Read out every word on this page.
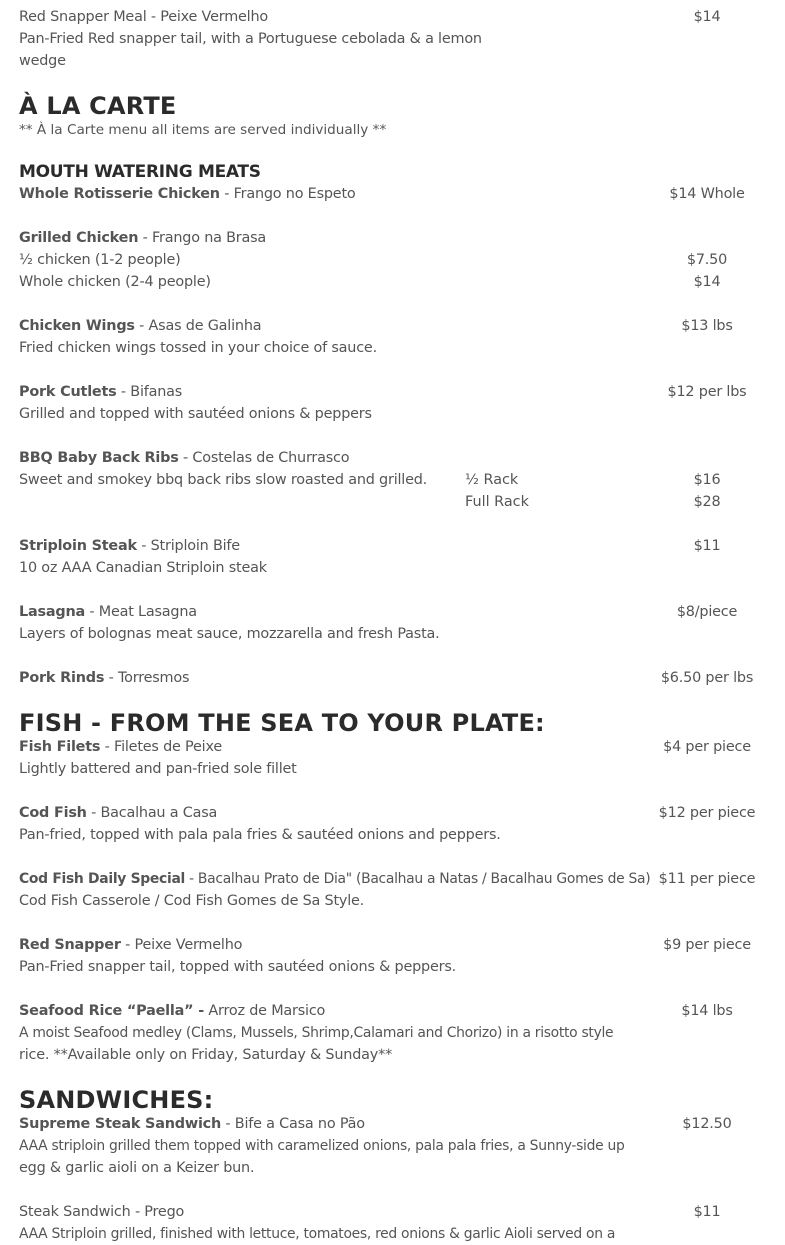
Red Snapper Meal - Peixe Vermelho	$14
Pan-Fried Red snapper tail, with a Portuguese cebolada & a lemon
wedge
À LA CARTE
** À la Carte menu all items are served individually **
MOUTH WATERING MEATS
Whole Rotisserie Chicken - Frango no Espeto	$14 Whole
Grilled Chicken - Frango na Brasa
½ chicken (1-2 people)	$7.50
Whole chicken (2-4 people)	$14
Chicken Wings - Asas de Galinha	$13 lbs
Fried chicken wings tossed in your choice of sauce.
Pork Cutlets - Bifanas	$12 per lbs
Grilled and topped with sautéed onions & peppers
BBQ Baby Back Ribs - Costelas de Churrasco
Sweet and smokey bbq back ribs slow roasted and grilled.	½ Rack	$16
Full Rack	$28
Striploin Steak - Striploin Bife	$11
10 oz AAA Canadian Striploin steak
Lasagna - Meat Lasagna	$8/piece
Layers of bolognas meat sauce, mozzarella and fresh Pasta.
Pork Rinds - Torresmos	$6.50 per lbs
FISH - FROM THE SEA TO YOUR PLATE:
Fish Filets - Filetes de Peixe	$4 per piece
Lightly battered and pan-fried sole fillet
Cod Fish - Bacalhau a Casa	$12 per piece
Pan-fried, topped with pala pala fries & sautéed onions and peppers.
Cod Fish Daily Special - Bacalhau Prato de Dia" (Bacalhau a Natas / Bacalhau Gomes de Sa) $11 per piece
Cod Fish Casserole / Cod Fish Gomes de Sa Style.
Red Snapper - Peixe Vermelho	$9 per piece
Pan-Fried snapper tail, topped with sautéed onions & peppers.
Seafood Rice “Paella” - Arroz de Marsico	$14 lbs
A moist Seafood medley (Clams, Mussels, Shrimp,Calamari and Chorizo) in a risotto style
rice. **Available only on Friday, Saturday & Sunday**
SANDWICHES:
Supreme Steak Sandwich - Bife a Casa no Pão	$12.50
AAA striploin grilled them topped with caramelized onions, pala pala fries, a Sunny-side up
egg & garlic aioli on a Keizer bun.
Steak Sandwich - Prego	$11
AAA Striploin grilled, finished with lettuce, tomatoes, red onions & garlic Aioli served on a
